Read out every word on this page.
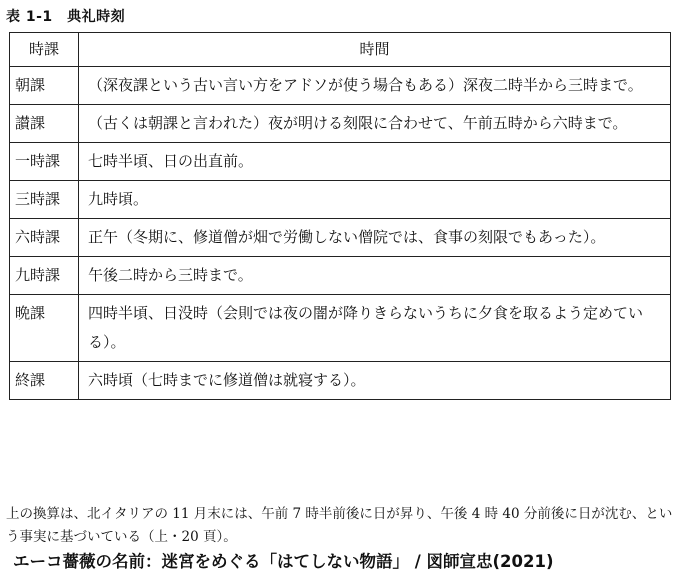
表 1-1　典礼時刻
時課	時間
朝課	（深夜課という古い言い方をアドソが使う場合もある）深夜二時半から三時まで。
讃課	（古くは朝課と言われた）夜が明ける刻限に合わせて、午前五時から六時まで。
一時課	七時半頃、日の出直前。
三時課	九時頃。
六時課	正午（冬期に、修道僧が畑で労働しない僧院では、食事の刻限でもあった）。
九時課	午後二時から三時まで。
晩課	四時半頃、日没時（会則では夜の闇が降りきらないうちに夕食を取るよう定めている）。
終課	六時頃（七時までに修道僧は就寝する）。
上の換算は、北イタリアの 11 月末には、午前 7 時半前後に日が昇り、午後 4 時 40 分前後に日が沈む、という事実に基づいている（上・20 頁）。
エーコ薔薇の名前：迷宮をめぐる「はてしない物語」 / 図師宣忠(2021)
